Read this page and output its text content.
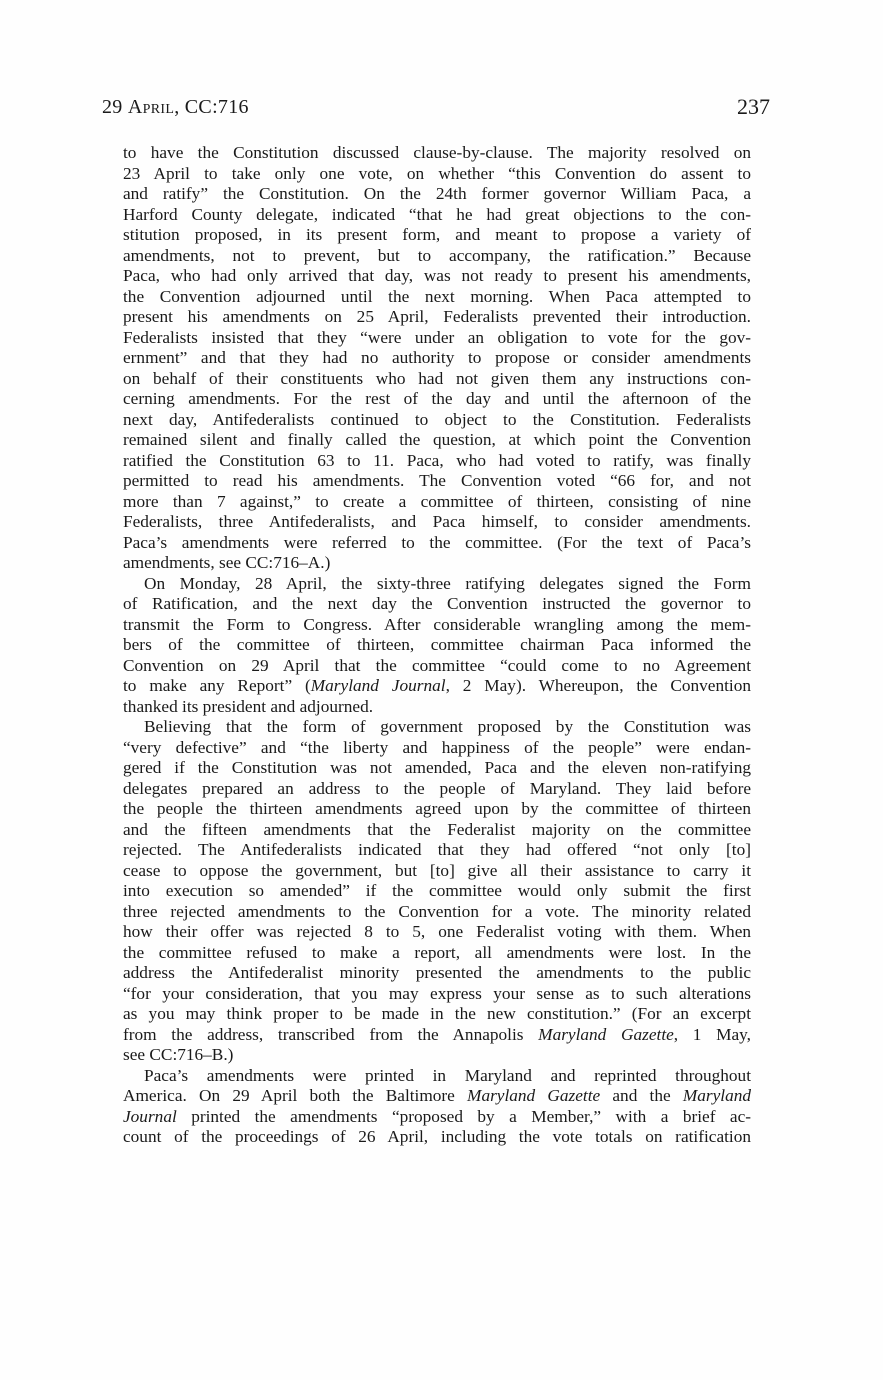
29 April, CC:716	237
to have the Constitution discussed clause-by-clause. The majority resolved on
23 April to take only one vote, on whether “this Convention do assent to
and ratify” the Constitution. On the 24th former governor William Paca, a
Harford County delegate, indicated “that he had great objections to the con-
stitution proposed, in its present form, and meant to propose a variety of
amendments, not to prevent, but to accompany, the ratification.” Because
Paca, who had only arrived that day, was not ready to present his amendments,
the Convention adjourned until the next morning. When Paca attempted to
present his amendments on 25 April, Federalists prevented their introduction.
Federalists insisted that they “were under an obligation to vote for the gov-
ernment” and that they had no authority to propose or consider amendments
on behalf of their constituents who had not given them any instructions con-
cerning amendments. For the rest of the day and until the afternoon of the
next day, Antifederalists continued to object to the Constitution. Federalists
remained silent and finally called the question, at which point the Convention
ratified the Constitution 63 to 11. Paca, who had voted to ratify, was finally
permitted to read his amendments. The Convention voted “66 for, and not
more than 7 against,” to create a committee of thirteen, consisting of nine
Federalists, three Antifederalists, and Paca himself, to consider amendments.
Paca’s amendments were referred to the committee. (For the text of Paca’s
amendments, see CC:716–A.)
On Monday, 28 April, the sixty-three ratifying delegates signed the Form
of Ratification, and the next day the Convention instructed the governor to
transmit the Form to Congress. After considerable wrangling among the mem-
bers of the committee of thirteen, committee chairman Paca informed the
Convention on 29 April that the committee “could come to no Agreement
to make any Report” (Maryland Journal, 2 May). Whereupon, the Convention
thanked its president and adjourned.
Believing that the form of government proposed by the Constitution was
“very defective” and “the liberty and happiness of the people” were endan-
gered if the Constitution was not amended, Paca and the eleven non-ratifying
delegates prepared an address to the people of Maryland. They laid before
the people the thirteen amendments agreed upon by the committee of thirteen
and the fifteen amendments that the Federalist majority on the committee
rejected. The Antifederalists indicated that they had offered “not only [to]
cease to oppose the government, but [to] give all their assistance to carry it
into execution so amended” if the committee would only submit the first
three rejected amendments to the Convention for a vote. The minority related
how their offer was rejected 8 to 5, one Federalist voting with them. When
the committee refused to make a report, all amendments were lost. In the
address the Antifederalist minority presented the amendments to the public
“for your consideration, that you may express your sense as to such alterations
as you may think proper to be made in the new constitution.” (For an excerpt
from the address, transcribed from the Annapolis Maryland Gazette, 1 May,
see CC:716–B.)
Paca’s amendments were printed in Maryland and reprinted throughout
America. On 29 April both the Baltimore Maryland Gazette and the Maryland
Journal printed the amendments “proposed by a Member,” with a brief ac-
count of the proceedings of 26 April, including the vote totals on ratification
